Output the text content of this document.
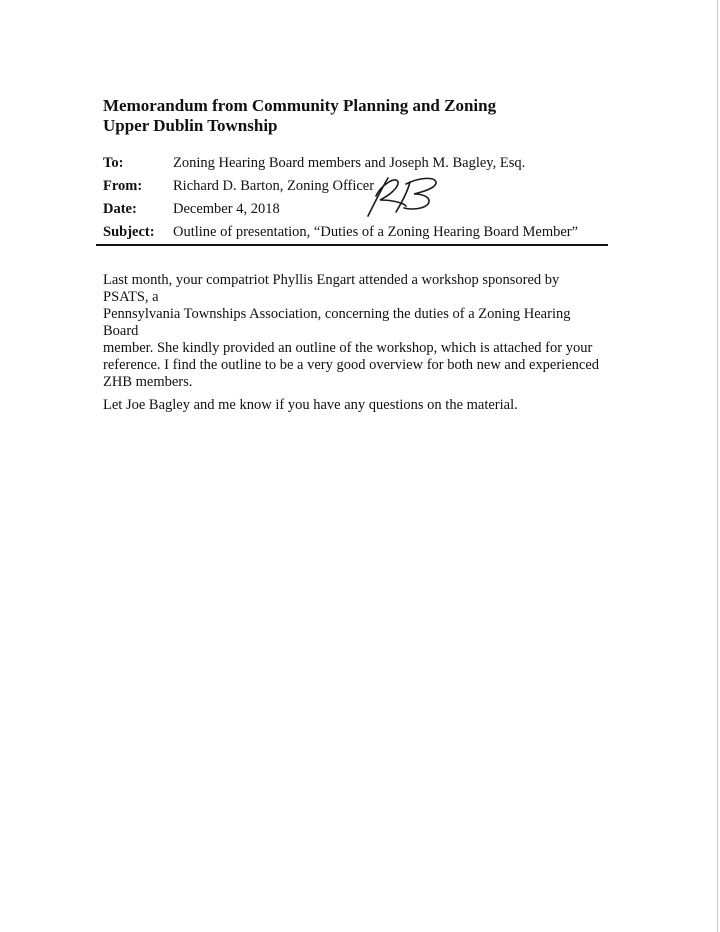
Memorandum from Community Planning and Zoning
Upper Dublin Township
To:	Zoning Hearing Board members and Joseph M. Bagley, Esq.
From:	Richard D. Barton, Zoning Officer
Date:	December 4, 2018
Subject:	Outline of presentation, “Duties of a Zoning Hearing Board Member”

Last month, your compatriot Phyllis Engart attended a workshop sponsored by PSATS, a
Pennsylvania Townships Association, concerning the duties of a Zoning Hearing Board
member. She kindly provided an outline of the workshop, which is attached for your
reference. I find the outline to be a very good overview for both new and experienced
ZHB members.

Let Joe Bagley and me know if you have any questions on the material.
